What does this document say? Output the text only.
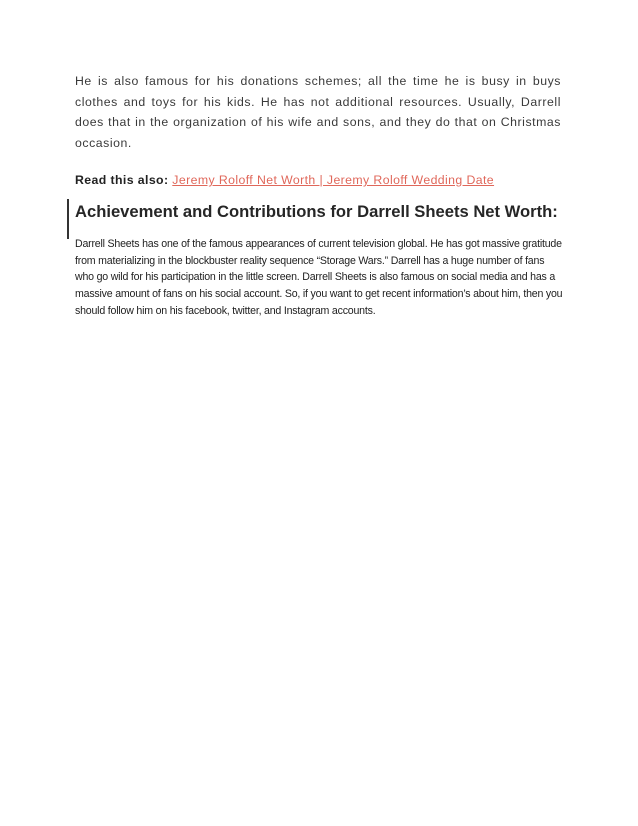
He is also famous for his donations schemes; all the time he is busy in buys clothes and toys for his kids. He has not additional resources. Usually, Darrell does that in the organization of his wife and sons, and they do that on Christmas occasion.

Read this also: Jeremy Roloff Net Worth | Jeremy Roloff Wedding Date

Achievement and Contributions for Darrell Sheets Net Worth:

Darrell Sheets has one of the famous appearances of current television global. He has got massive gratitude from materializing in the blockbuster reality sequence “Storage Wars.” Darrell has a huge number of fans who go wild for his participation in the little screen. Darrell Sheets is also famous on social media and has a massive amount of fans on his social account. So, if you want to get recent information’s about him, then you should follow him on his facebook, twitter, and Instagram accounts.
